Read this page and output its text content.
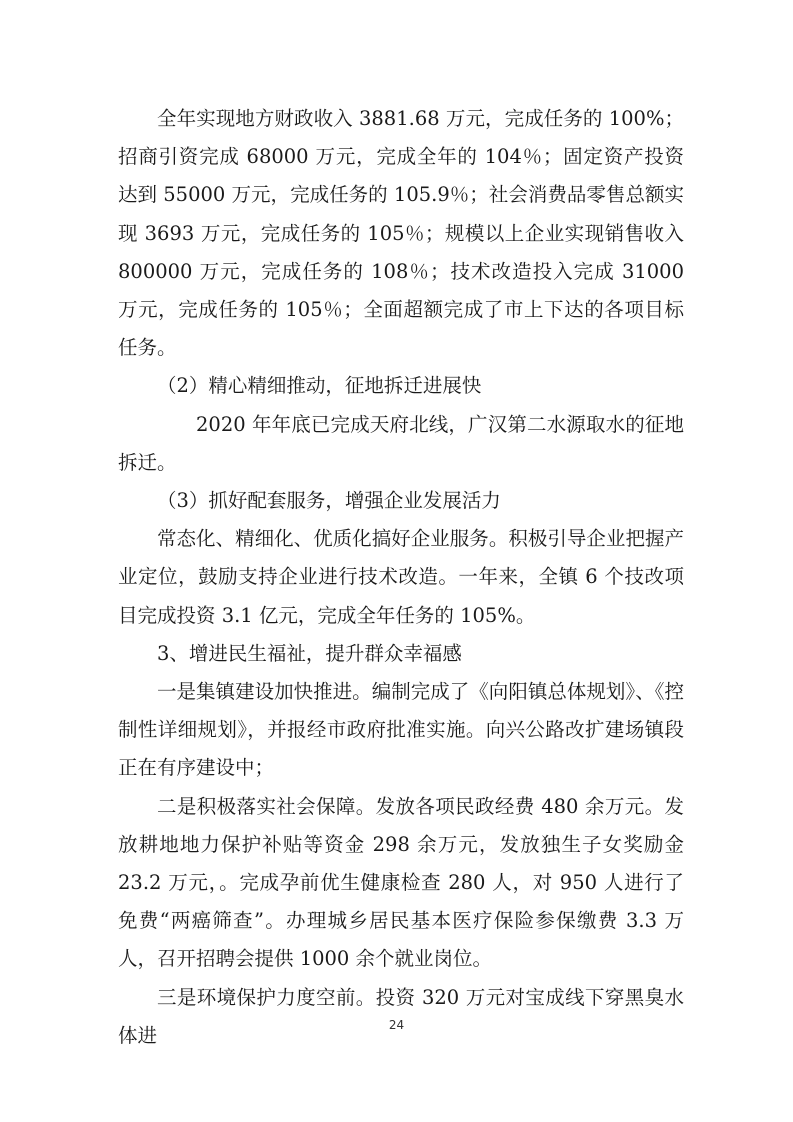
全年实现地方财政收入 3881.68 万元，完成任务的 100%；招商引资完成 68000 万元，完成全年的 104％；固定资产投资达到 55000 万元，完成任务的 105.9％；社会消费品零售总额实现 3693 万元，完成任务的 105％；规模以上企业实现销售收入 800000 万元，完成任务的 108％；技术改造投入完成 31000 万元，完成任务的 105％；全面超额完成了市上下达的各项目标任务。

（2）精心精细推动，征地拆迁进展快

2020 年年底已完成天府北线，广汉第二水源取水的征地拆迁。

（3）抓好配套服务，增强企业发展活力

常态化、精细化、优质化搞好企业服务。积极引导企业把握产业定位，鼓励支持企业进行技术改造。一年来，全镇 6 个技改项目完成投资 3.1 亿元，完成全年任务的 105%。

3、增进民生福祉，提升群众幸福感

一是集镇建设加快推进。编制完成了《向阳镇总体规划》、《控制性详细规划》，并报经市政府批准实施。向兴公路改扩建场镇段正在有序建设中；

二是积极落实社会保障。发放各项民政经费 480 余万元。发放耕地地力保护补贴等资金 298 余万元，发放独生子女奖励金 23.2 万元，。完成孕前优生健康检查 280 人，对 950 人进行了免费“两癌筛查”。办理城乡居民基本医疗保险参保缴费 3.3 万人，召开招聘会提供 1000 余个就业岗位。

三是环境保护力度空前。投资 320 万元对宝成线下穿黑臭水体进	24
